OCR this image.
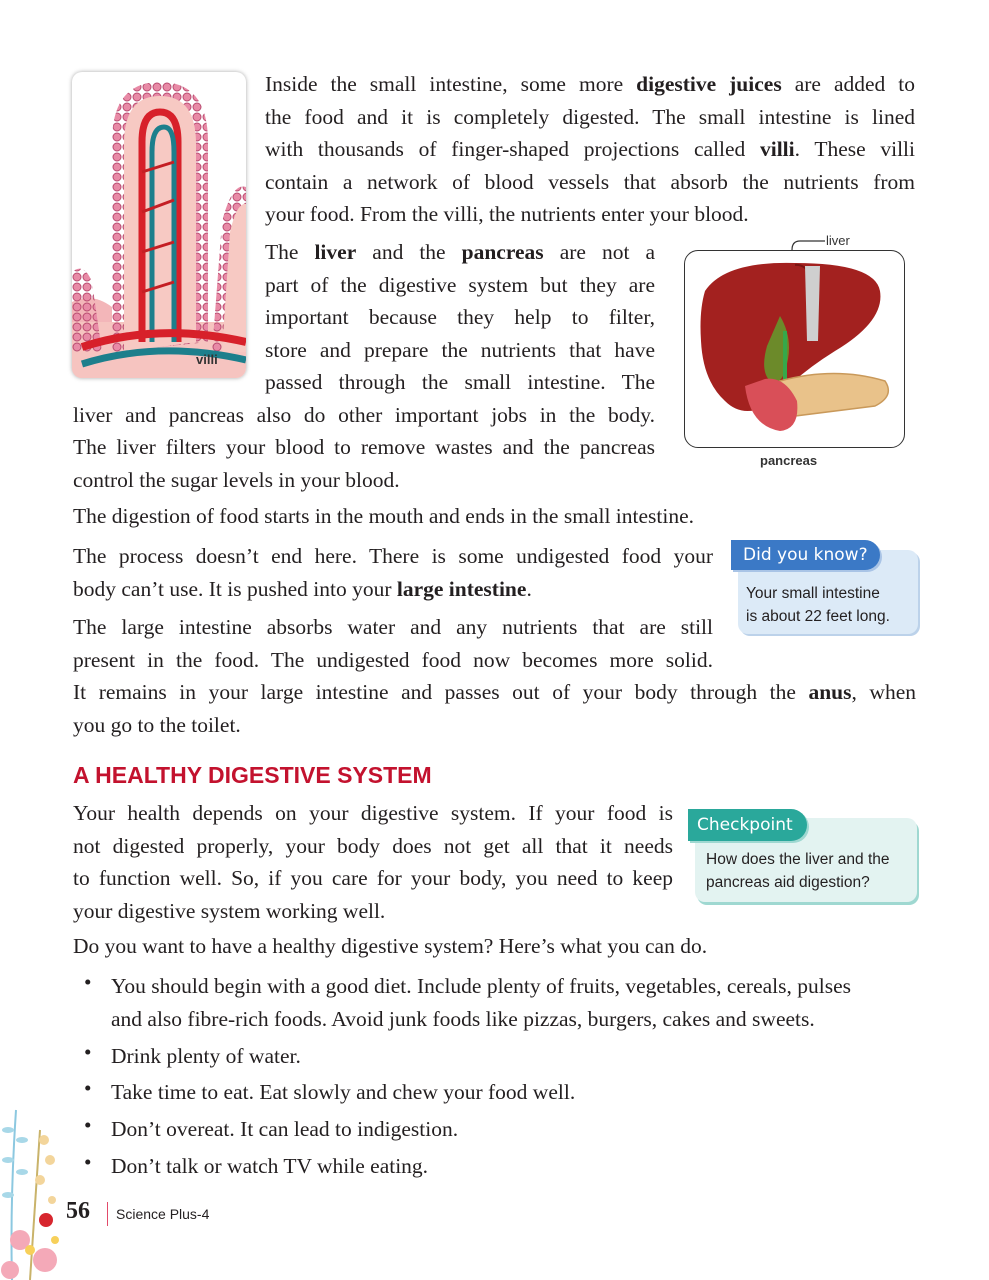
villi
Inside the small intestine, some more digestive juices are added to
the food and it is completely digested. The small intestine is lined
with thousands of finger-shaped projections called villi. These villi
contain a network of blood vessels that absorb the nutrients from
your food. From the villi, the nutrients enter your blood.
liver
pancreas
The liver and the pancreas are not a
part of the digestive system but they are
important because they help to filter,
store and prepare the nutrients that have
passed through the small intestine. The
liver and pancreas also do other important jobs in the body.
The liver filters your blood to remove wastes and the pancreas
control the sugar levels in your blood.
The digestion of food starts in the mouth and ends in the small intestine.
Did you know?
Your small intestine
is about 22 feet long.
The process doesn’t end here. There is some undigested food your
body can’t use. It is pushed into your large intestine.
The large intestine absorbs water and any nutrients that are still
present in the food. The undigested food now becomes more solid.
It remains in your large intestine and passes out of your body through the anus, when
you go to the toilet.
A HEALTHY DIGESTIVE SYSTEM
Checkpoint
How does the liver and the
pancreas aid digestion?
Your health depends on your digestive system. If your food is
not digested properly, your body does not get all that it needs
to function well. So, if you care for your body, you need to keep
your digestive system working well.
Do you want to have a healthy digestive system? Here’s what you can do.
• You should begin with a good diet. Include plenty of fruits, vegetables, cereals, pulses
and also fibre-rich foods. Avoid junk foods like pizzas, burgers, cakes and sweets.
• Drink plenty of water.
• Take time to eat. Eat slowly and chew your food well.
• Don’t overeat. It can lead to indigestion.
• Don’t talk or watch TV while eating.
56 Science Plus-4
